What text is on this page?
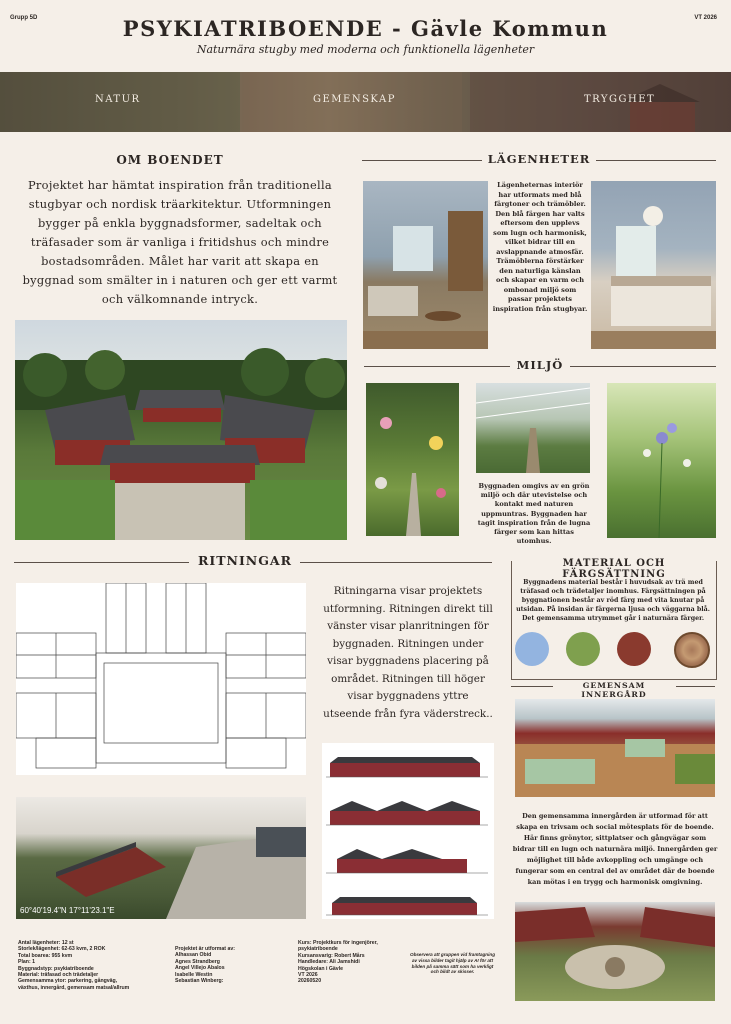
Grupp 5D	VT 2026
PSYKIATRIBOENDE - Gävle Kommun
Naturnära stugby med moderna och funktionella lägenheter
NATUR	GEMENSKAP	TRYGGHET
OM BOENDET
Projektet har hämtat inspiration från traditionella stugbyar och nordisk träarkitektur. Utformningen bygger på enkla byggnadsformer, sadeltak och träfasader som är vanliga i fritidshus och mindre bostadsområden. Målet har varit att skapa en byggnad som smälter in i naturen och ger ett varmt och välkomnande intryck.
LÄGENHETER
Lägenheternas interiör har utformats med blå färgtoner och trämöbler. Den blå färgen har valts eftersom den upplevs som lugn och harmonisk, vilket bidrar till en avslappnande atmosfär. Trämöblerna förstärker den naturliga känslan och skapar en varm och ombonad miljö som passar projektets inspiration från stugbyar.
MILJÖ
Byggnaden omgivs av en grön miljö och där utevistelse och kontakt med naturen uppmuntras. Byggnaden har tagit inspiration från de lugna färger som kan hittas utomhus.
RITNINGAR
Ritningarna visar projektets utformning. Ritningen direkt till vänster visar planritningen för byggnaden. Ritningen under visar byggnadens placering på området. Ritningen till höger visar byggnadens yttre utseende från fyra väderstreck..
60°40'19.4"N 17°11'23.1"E
MATERIAL OCH FÄRGSÄTTNING
Byggnadens material består i huvudsak av trä med träfasad och trädetaljer inomhus. Färgsättningen på byggnationen består av röd färg med vita knutar på utsidan. På insidan är färgerna ljusa och väggarna blå. Det gemensamma utrymmet går i naturnära färger.
GEMENSAM INNERGÅRD
Den gemensamma innergården är utformad för att skapa en trivsam och social mötesplats för de boende. Här finns grönytor, sittplatser och gångvägar som bidrar till en lugn och naturnära miljö. Innergården ger möjlighet till både avkoppling och umgänge och fungerar som en central del av området där de boende kan mötas i en trygg och harmonisk omgivning.
Antal lägenheter: 12 st
Storlek/lägenhet: 62-63 kvm, 2 ROK
Total boarea: 955 kvm
Plan: 1
Byggnadstyp: psykiatriboende
Material: träfasad och trädetaljer
Gemensamma ytor: parkering, gångväg,
växthus, innergård, gemensam matsal/allrum
Projektet är utformat av:
Alhassan Obid
Agnes Strandberg
Angel Villejo Abalos
Isabelle Westin
Sebastian Winberg:
Kurs: Projektkurs för ingenjörer,
psykiatriboende
Kursansvarig: Robert Mårs
Handledare: Ali Jamshidi
Högskolan i Gävle
VT 2026
20260520
Observera att gruppen vid framtagning av vissa bilder tagit hjälp av AI för att bilden på samma sätt som ha verkligt och bildt av skisser.
